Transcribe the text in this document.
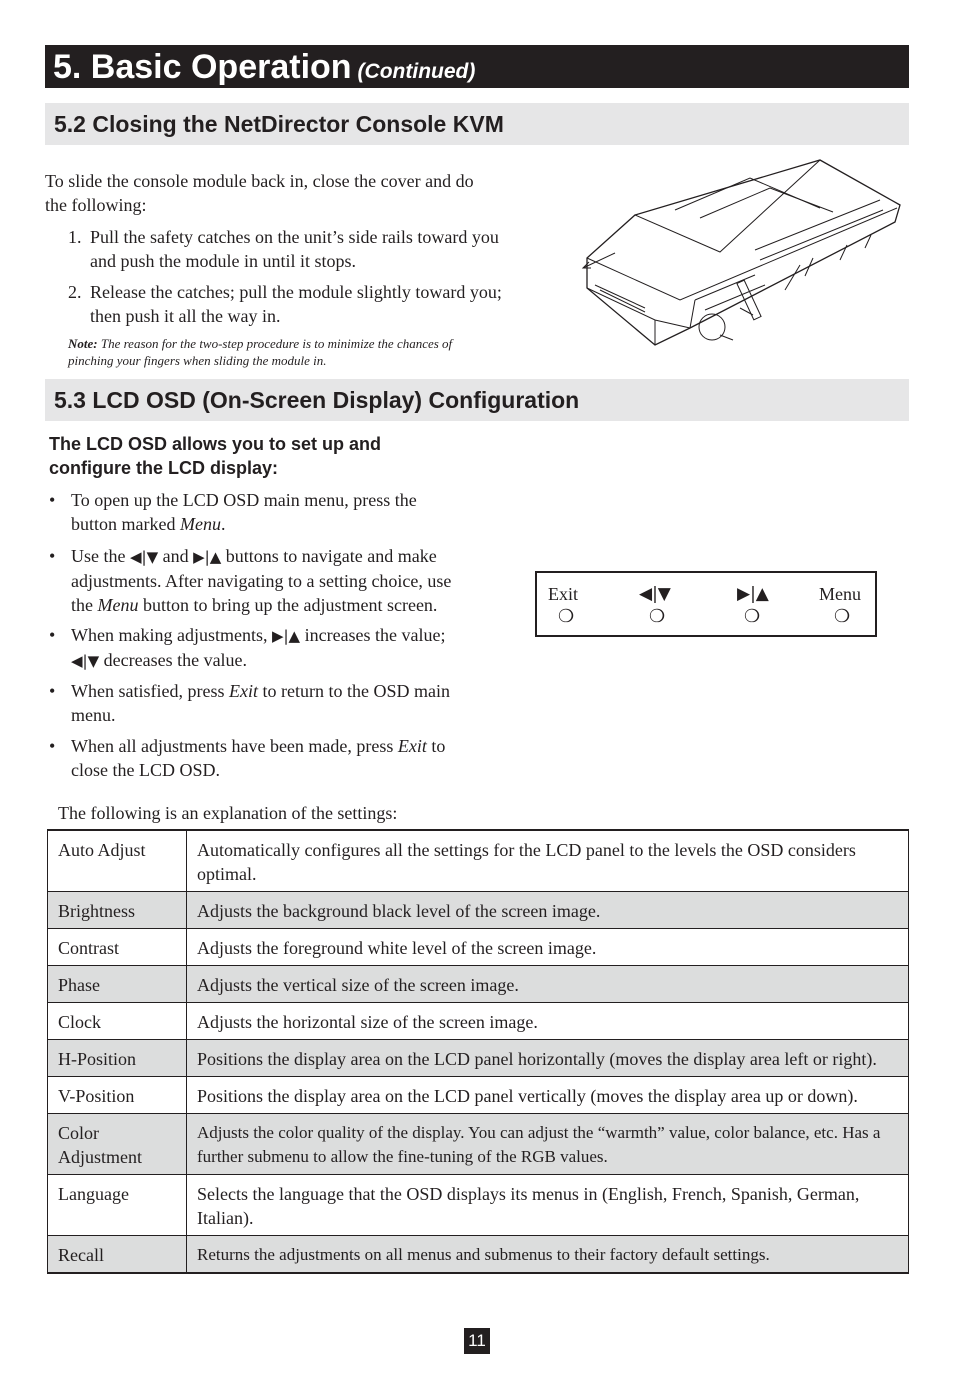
5. Basic Operation (Continued)
5.2 Closing the NetDirector Console KVM
To slide the console module back in, close the cover and do
the following:
1. Pull the safety catches on the unit’s side rails toward you
and push the module in until it stops.
2. Release the catches; pull the module slightly toward you;
then push it all the way in.
Note: The reason for the two-step procedure is to minimize the chances of
pinching your fingers when sliding the module in.
5.3 LCD OSD (On-Screen Display) Configuration
The LCD OSD allows you to set up and
configure the LCD display:
• To open up the LCD OSD main menu, press the
button marked Menu.
• Use the ◀|▼ and ▶|▲ buttons to navigate and make
adjustments. After navigating to a setting choice, use
the Menu button to bring up the adjustment screen.
• When making adjustments, ▶|▲ increases the value;
◀|▼ decreases the value.
• When satisfied, press Exit to return to the OSD main
menu.
• When all adjustments have been made, press Exit to
close the LCD OSD.
Exit	◀|▼	▶|▲	Menu
❍	❍	❍	❍
The following is an explanation of the settings:
Auto Adjust	Automatically configures all the settings for the LCD panel to the levels the OSD considers optimal.
Brightness	Adjusts the background black level of the screen image.
Contrast	Adjusts the foreground white level of the screen image.
Phase	Adjusts the vertical size of the screen image.
Clock	Adjusts the horizontal size of the screen image.
H-Position	Positions the display area on the LCD panel horizontally (moves the display area left or right).
V-Position	Positions the display area on the LCD panel vertically (moves the display area up or down).
Color Adjustment	Adjusts the color quality of the display. You can adjust the “warmth” value, color balance, etc. Has a further submenu to allow the fine-tuning of the RGB values.
Language	Selects the language that the OSD displays its menus in (English, French, Spanish, German, Italian).
Recall	Returns the adjustments on all menus and submenus to their factory default settings.
11
